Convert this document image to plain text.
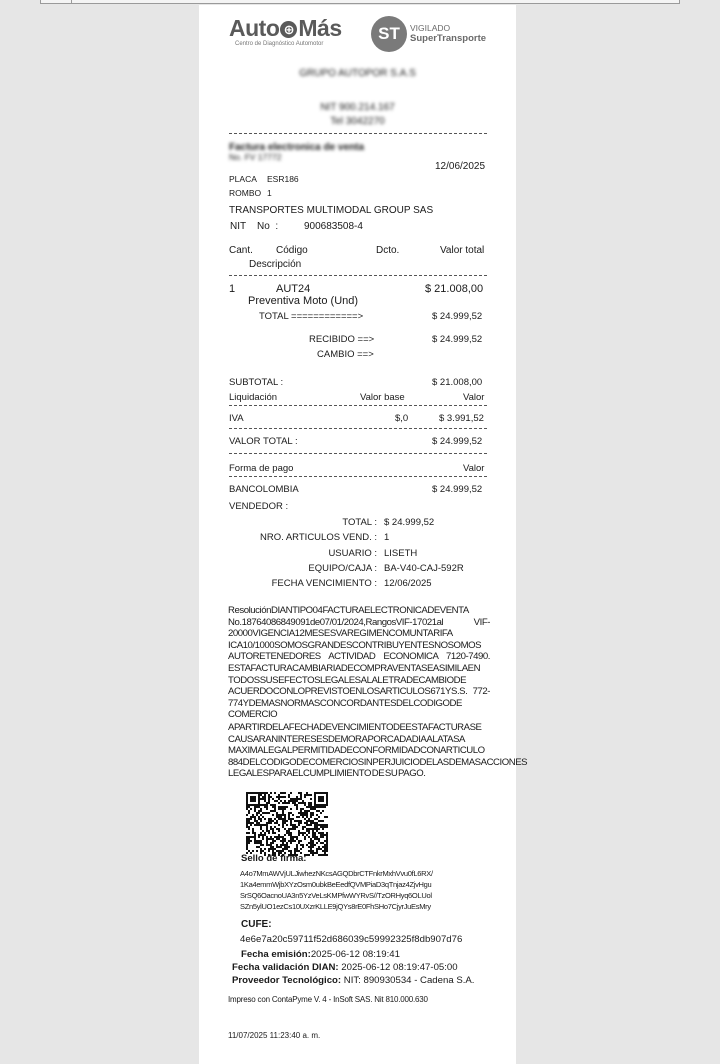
Auto ⊕ Más
Centro de Diagnóstico Automotor
ST	VIGILADO
SuperTransporte
GRUPO AUTOPOR S.A.S
NIT 900.214.167
Tel 3042270
Factura electronica de venta
No. FV 17772
12/06/2025
PLACA ESR186
ROMBO 1
TRANSPORTES MULTIMODAL GROUP SAS
NIT    No  :	900683508-4
Cant. Código	Dcto.	Valor total
Descripción
1	AUT24	$ 21.008,00
Preventiva Moto (Und)
TOTAL ============>	$ 24.999,52
RECIBIDO ==>	$ 24.999,52
CAMBIO ==>
SUBTOTAL :	$ 21.008,00
Liquidación	Valor base	Valor
IVA	$,0	$ 3.991,52
VALOR TOTAL :	$ 24.999,52
Forma de pago	Valor
BANCOLOMBIA	$ 24.999,52
VENDEDOR :
TOTAL : $ 24.999,52
NRO. ARTICULOS VEND. : 1
USUARIO : LISETH
EQUIPO/CAJA : BA-V40-CAJ-592R
FECHA VENCIMIENTO : 12/06/2025
ResoluciónDIANTIPO04FACTURAELECTRONICADEVENTA No.18764086849091de07/01/2024,RangosVIF-17021al VIF-20000VIGENCIA12MESESVAREGIMENCOMUNTARIFA ICA10/1000SOMOSGRANDESCONTRIBUYENTESNOSOMOS AUTORETENEDORES ACTIVIDAD ECONOMICA 7120-7490. ESTAFACTURACAMBIARIADECOMPRAVENTASEASIMILAEN TODOSSUSEFECTOSLEGALESALALETRADECAMBIODE ACUERDOCONLOPREVISTOENLOSARTICULOS671YS.S. 772-774YDEMASNORMASCONCORDANTESDELCODIGODE COMERCIO
APARTIRDELAFECHADEVENCIMIENTODEESTAFACTURASE CAUSARANINTERESESDEMORAPORCADADIAALATASA MAXIMALEGALPERMITIDADECONFORMIDADCONARTICULO 884DELCODIGODECOMERCIOSINPERJUICIODELASDEMASACCIONES LEGALESPARAELCUMPLIMIENTO DE SU PAGO.
Sello de firma:
A4o7MmAWVjULJiwhezNKcsAGQDbrCTFnkrMxhVvu0fL6RX/
1Ka4emmWjbXYzOsm0ubkBeEedfQVMPiaD3qTnjaz4ZjvHgu
SrSQ6OacnoUA3n5YzVeLsKMPfwWYRvS//TzORHyq6OLUol
SZn5ylUO1ezCs10UXzrKLLE9jQYs8rE0FhSHo7CjyrJuEsMry
CUFE:
4e6e7a20c59711f52d686039c59992325f8db907d76
Fecha emisión:2025-06-12 08:19:41
Fecha validación DIAN: 2025-06-12 08:19:47-05:00
Proveedor Tecnológico: NIT: 890930534 - Cadena S.A.
Impreso con ContaPyme V. 4 - InSoft SAS. Nit 810.000.630
11/07/2025 11:23:40 a. m.
